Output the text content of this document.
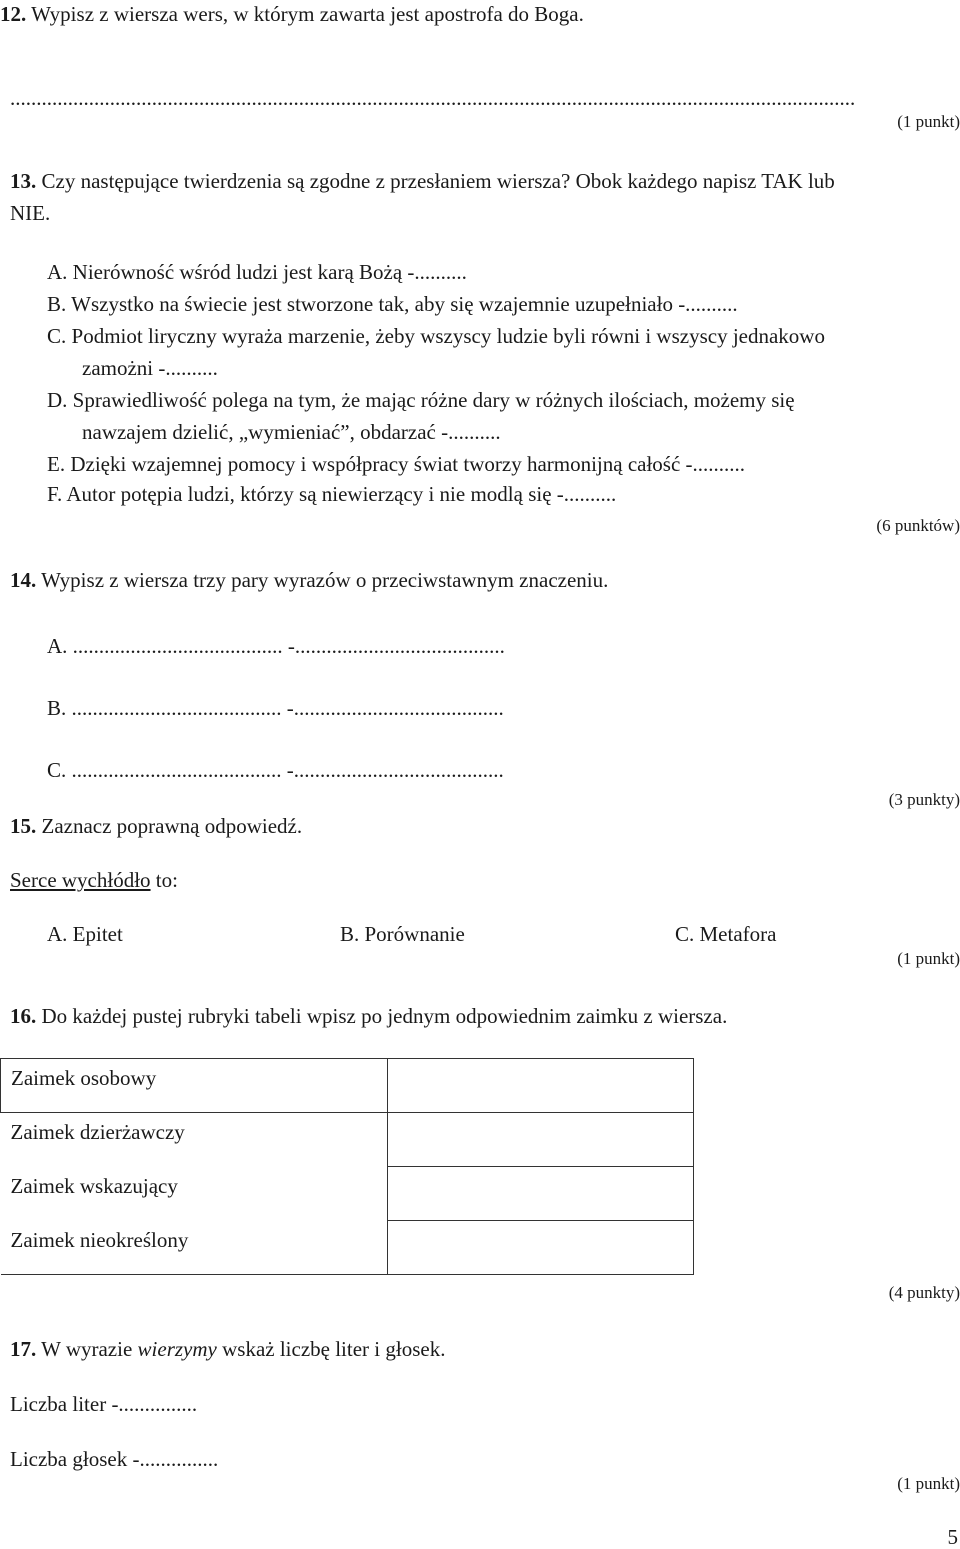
12. Wypisz z wiersza wers, w którym zawarta jest apostrofa do Boga.
.................................................................................................................................................................
(1 punkt)
13. Czy następujące twierdzenia są zgodne z przesłaniem wiersza? Obok każdego napisz TAK lub
NIE.
A. Nierówność wśród ludzi jest karą Bożą -..........
B. Wszystko na świecie jest stworzone tak, aby się wzajemnie uzupełniało -..........
C. Podmiot liryczny wyraża marzenie, żeby wszyscy ludzie byli równi i wszyscy jednakowo
zamożni -..........
D. Sprawiedliwość polega na tym, że mając różne dary w różnych ilościach, możemy się
nawzajem dzielić, „wymieniać”, obdarzać -..........
E. Dzięki wzajemnej pomocy i współpracy świat tworzy harmonijną całość -..........
F. Autor potępia ludzi, którzy są niewierzący i nie modlą się -..........
(6 punktów)
14. Wypisz z wiersza trzy pary wyrazów o przeciwstawnym znaczeniu.
A. ........................................ -........................................
B. ........................................ -........................................
C. ........................................ -........................................
(3 punkty)
15. Zaznacz poprawną odpowiedź.
Serce wychłódło to:
A. Epitet	B. Porównanie	C. Metafora
(1 punkt)
16. Do każdej pustej rubryki tabeli wpisz po jednym odpowiednim zaimku z wiersza.
Zaimek osobowy	

Zaimek dzierżawczy	

Zaimek wskazujący	

Zaimek nieokreślony	

(4 punkty)
17. W wyrazie wierzymy wskaż liczbę liter i głosek.
Liczba liter -...............
Liczba głosek -...............
(1 punkt)
5
